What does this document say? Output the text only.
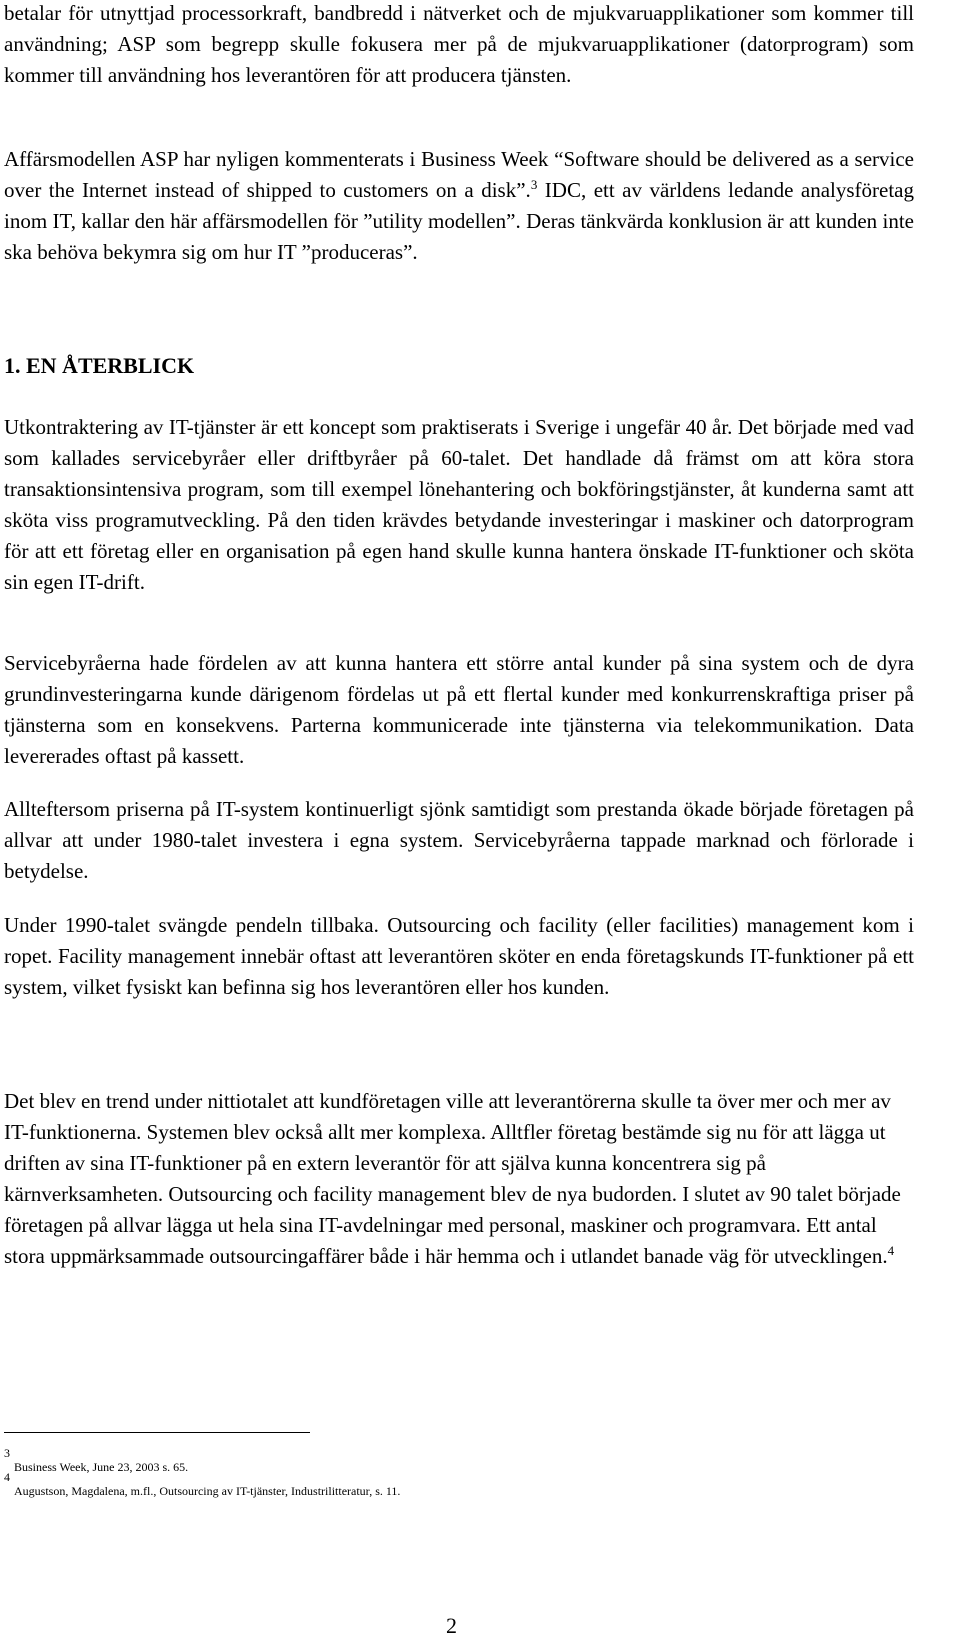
betalar för utnyttjad processorkraft, bandbredd i nätverket och de mjukvaruapplikationer som kommer till användning; ASP som begrepp skulle fokusera mer på de mjukvaruapplikationer (datorprogram) som kommer till användning hos leverantören för att producera tjänsten.

Affärsmodellen ASP har nyligen kommenterats i Business Week “Software should be delivered as a service over the Internet instead of shipped to customers on a disk”.$^3$ IDC, ett av världens ledande analysföretag inom IT, kallar den här affärsmodellen för ”utility modellen”. Deras tänkvärda konklusion är att kunden inte ska behöva bekymra sig om hur IT ”produceras”.

1. EN ÅTERBLICK

Utkontraktering av IT-tjänster är ett koncept som praktiserats i Sverige i ungefär 40 år. Det började med vad som kallades servicebyråer eller driftbyråer på 60-talet. Det handlade då främst om att köra stora transaktionsintensiva program, som till exempel lönehantering och bokföringstjänster, åt kunderna samt att sköta viss programutveckling. På den tiden krävdes betydande investeringar i maskiner och datorprogram för att ett företag eller en organisation på egen hand skulle kunna hantera önskade IT-funktioner och sköta sin egen IT-drift.

Servicebyråerna hade fördelen av att kunna hantera ett större antal kunder på sina system och de dyra grundinvesteringarna kunde därigenom fördelas ut på ett flertal kunder med konkurrenskraftiga priser på tjänsterna som en konsekvens. Parterna kommunicerade inte tjänsterna via telekommunikation. Data levererades oftast på kassett.

Allteftersom priserna på IT-system kontinuerligt sjönk samtidigt som prestanda ökade började företagen på allvar att under 1980-talet investera i egna system. Servicebyråerna tappade marknad och förlorade i betydelse.

Under 1990-talet svängde pendeln tillbaka. Outsourcing och facility (eller facilities) management kom i ropet. Facility management innebär oftast att leverantören sköter en enda företagskunds IT-funktioner på ett system, vilket fysiskt kan befinna sig hos leverantören eller hos kunden.

Det blev en trend under nittiotalet att kundföretagen ville att leverantörerna skulle ta över mer och mer av IT-funktionerna. Systemen blev också allt mer komplexa. Alltfler företag bestämde sig nu för att lägga ut driften av sina IT-funktioner på en extern leverantör för att själva kunna koncentrera sig på kärnverksamheten. Outsourcing och facility management blev de nya budorden. I slutet av 90 talet började företagen på allvar lägga ut hela sina IT-avdelningar med personal, maskiner och programvara. Ett antal stora uppmärksammade outsourcingaffärer både i här hemma och i utlandet banade väg för utvecklingen.$^4$

3
Business Week, June 23, 2003 s. 65.
4
Augustson, Magdalena, m.fl., Outsourcing av IT-tjänster, Industrilitteratur, s. 11.
2
